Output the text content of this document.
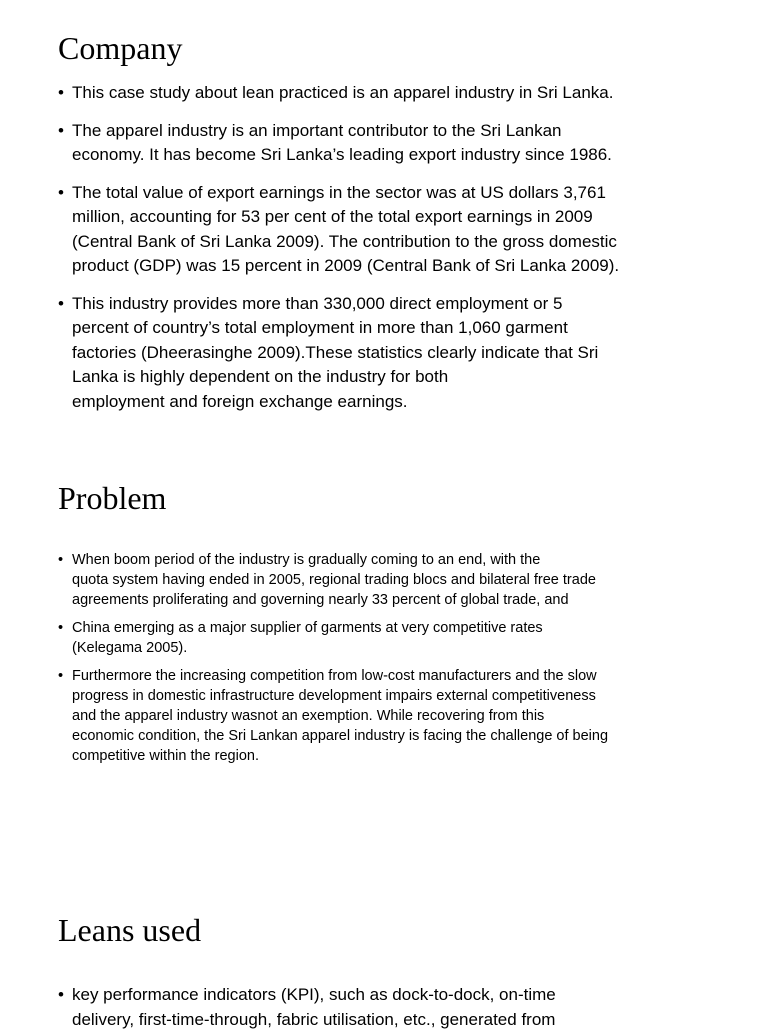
Company
• This case study about lean practiced is an apparel industry in Sri Lanka.
• The apparel industry is an important contributor to the Sri Lankan
economy. It has become Sri Lanka’s leading export industry since 1986.
• The total value of export earnings in the sector was at US dollars 3,761
million, accounting for 53 per cent of the total export earnings in 2009
(Central Bank of Sri Lanka 2009). The contribution to the gross domestic
product (GDP) was 15 percent in 2009 (Central Bank of Sri Lanka 2009).
• This industry provides more than 330,000 direct employment or 5
percent of country’s total employment in more than 1,060 garment
factories (Dheerasinghe 2009).These statistics clearly indicate that Sri
Lanka is highly dependent on the industry for both
employment and foreign exchange earnings.
Problem
• When boom period of the industry is gradually coming to an end, with the
quota system having ended in 2005, regional trading blocs and bilateral free trade
agreements proliferating and governing nearly 33 percent of global trade, and
• China emerging as a major supplier of garments at very competitive rates
(Kelegama 2005).
• Furthermore the increasing competition from low-cost manufacturers and the slow
progress in domestic infrastructure development impairs external competitiveness
and the apparel industry wasnot an exemption. While recovering from this
economic condition, the Sri Lankan apparel industry is facing the challenge of being
competitive within the region.
Leans used
• key performance indicators (KPI), such as dock-to-dock, on-time
delivery, first-time-through, fabric utilisation, etc., generated from
